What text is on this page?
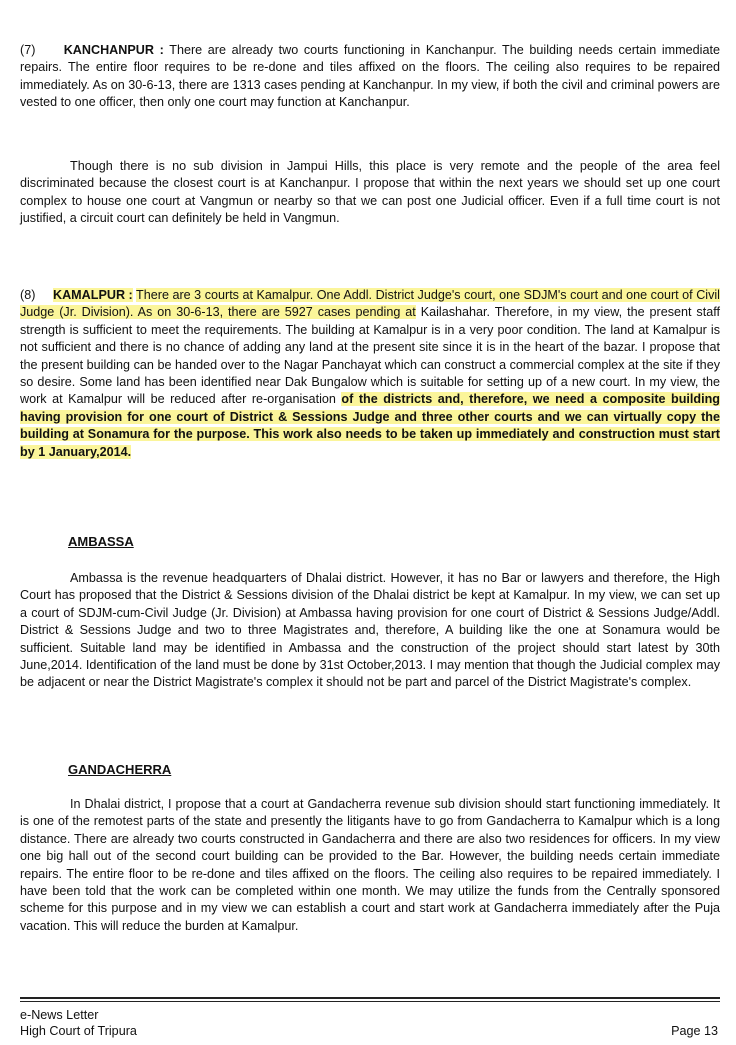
(7) KANCHANPUR : There are already two courts functioning in Kanchanpur. The building needs certain immediate repairs. The entire floor requires to be re-done and tiles affixed on the floors. The ceiling also requires to be repaired immediately. As on 30-6-13, there are 1313 cases pending at Kanchanpur. In my view, if both the civil and criminal powers are vested to one officer, then only one court may function at Kanchanpur.

Though there is no sub division in Jampui Hills, this place is very remote and the people of the area feel discriminated because the closest court is at Kanchanpur. I propose that within the next years we should set up one court complex to house one court at Vangmun or nearby so that we can post one Judicial officer. Even if a full time court is not justified, a circuit court can definitely be held in Vangmun.

(8) KAMALPUR : There are 3 courts at Kamalpur. One Addl. District Judge's court, one SDJM's court and one court of Civil Judge (Jr. Division). As on 30-6-13, there are 5927 cases pending at Kailashahar. Therefore, in my view, the present staff strength is sufficient to meet the requirements. The building at Kamalpur is in a very poor condition. The land at Kamalpur is not sufficient and there is no chance of adding any land at the present site since it is in the heart of the bazar. I propose that the present building can be handed over to the Nagar Panchayat which can construct a commercial complex at the site if they so desire. Some land has been identified near Dak Bungalow which is suitable for setting up of a new court. In my view, the work at Kamalpur will be reduced after re-organisation of the districts and, therefore, we need a composite building having provision for one court of District & Sessions Judge and three other courts and we can virtually copy the building at Sonamura for the purpose. This work also needs to be taken up immediately and construction must start by 1 January,2014.

AMBASSA

Ambassa is the revenue headquarters of Dhalai district. However, it has no Bar or lawyers and therefore, the High Court has proposed that the District & Sessions division of the Dhalai district be kept at Kamalpur. In my view, we can set up a court of SDJM-cum-Civil Judge (Jr. Division) at Ambassa having provision for one court of District & Sessions Judge/Addl. District & Sessions Judge and two to three Magistrates and, therefore, A building like the one at Sonamura would be sufficient. Suitable land may be identified in Ambassa and the construction of the project should start latest by 30th June,2014. Identification of the land must be done by 31st October,2013. I may mention that though the Judicial complex may be adjacent or near the District Magistrate's complex it should not be part and parcel of the District Magistrate's complex.

GANDACHERRA

In Dhalai district, I propose that a court at Gandacherra revenue sub division should start functioning immediately. It is one of the remotest parts of the state and presently the litigants have to go from Gandacherra to Kamalpur which is a long distance. There are already two courts constructed in Gandacherra and there are also two residences for officers. In my view one big hall out of the second court building can be provided to the Bar. However, the building needs certain immediate repairs. The entire floor to be re-done and tiles affixed on the floors. The ceiling also requires to be repaired immediately. I have been told that the work can be completed within one month. We may utilize the funds from the Centrally sponsored scheme for this purpose and in my view we can establish a court and start work at Gandacherra immediately after the Puja vacation. This will reduce the burden at Kamalpur.

e-News Letter
High Court of Tripura	Page 13
